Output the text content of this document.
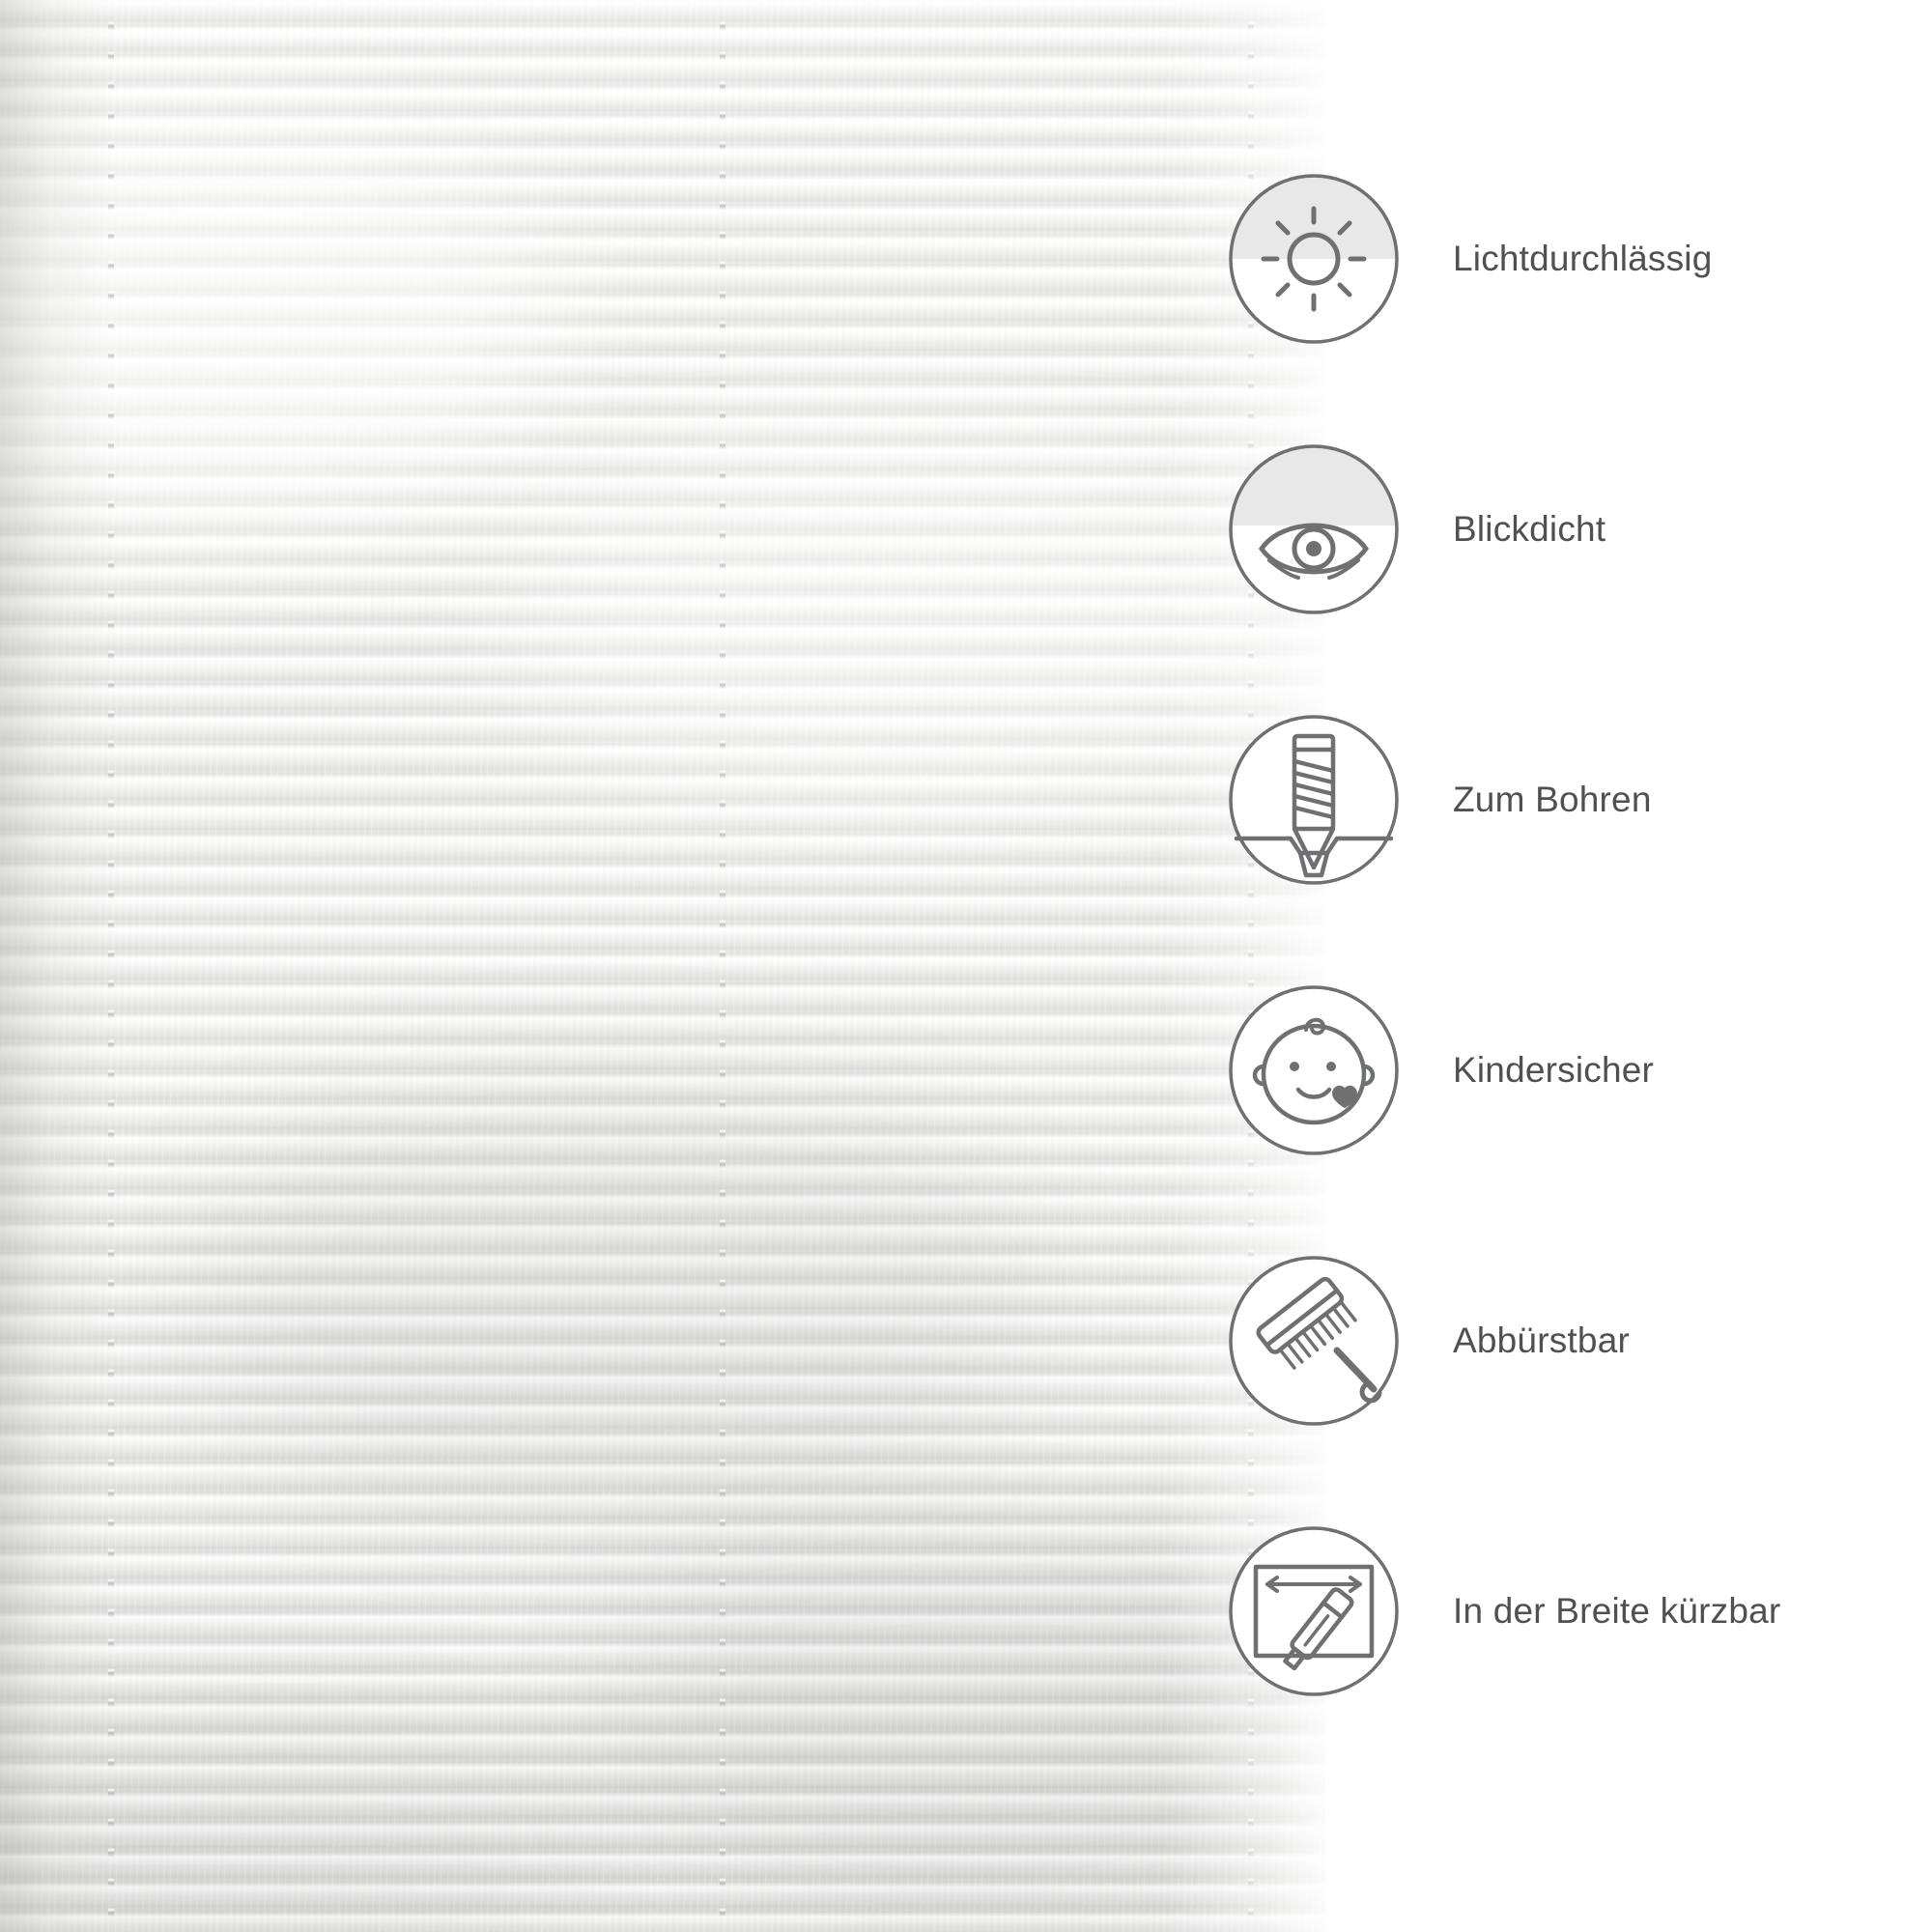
Lichtdurchlässig
Blickdicht
Zum Bohren
Kindersicher
Abbürstbar
In der Breite kürzbar
